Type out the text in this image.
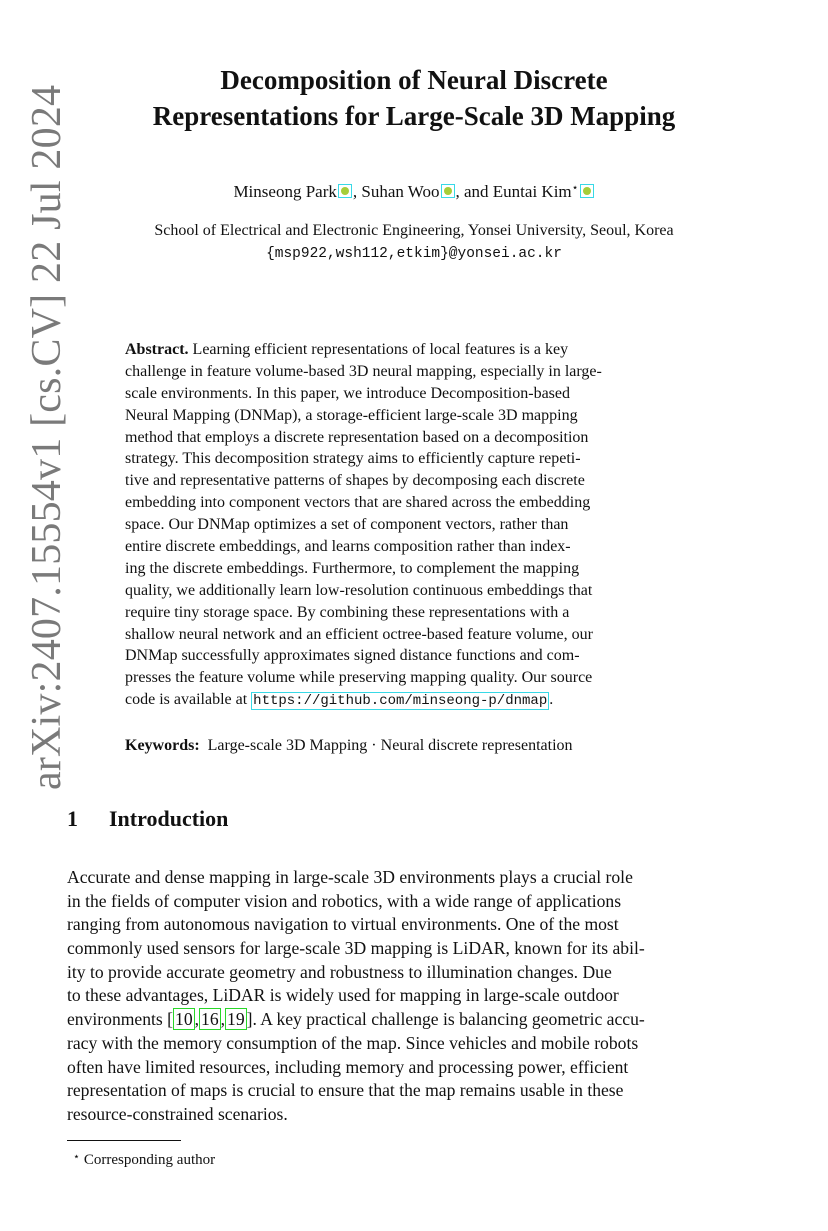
arXiv:2407.15554v1 [cs.CV] 22 Jul 2024
Decomposition of Neural Discrete
Representations for Large-Scale 3D Mapping
Minseong Park , Suhan Woo , and Euntai Kim⋆
School of Electrical and Electronic Engineering, Yonsei University, Seoul, Korea
{msp922,wsh112,etkim}@yonsei.ac.kr
Abstract. Learning efficient representations of local features is a key
challenge in feature volume-based 3D neural mapping, especially in large-
scale environments. In this paper, we introduce Decomposition-based
Neural Mapping (DNMap), a storage-efficient large-scale 3D mapping
method that employs a discrete representation based on a decomposition
strategy. This decomposition strategy aims to efficiently capture repeti-
tive and representative patterns of shapes by decomposing each discrete
embedding into component vectors that are shared across the embedding
space. Our DNMap optimizes a set of component vectors, rather than
entire discrete embeddings, and learns composition rather than index-
ing the discrete embeddings. Furthermore, to complement the mapping
quality, we additionally learn low-resolution continuous embeddings that
require tiny storage space. By combining these representations with a
shallow neural network and an efficient octree-based feature volume, our
DNMap successfully approximates signed distance functions and com-
presses the feature volume while preserving mapping quality. Our source
code is available at https://github.com/minseong-p/dnmap .
Keywords: Large-scale 3D Mapping · Neural discrete representation
1 Introduction
Accurate and dense mapping in large-scale 3D environments plays a crucial role
in the fields of computer vision and robotics, with a wide range of applications
ranging from autonomous navigation to virtual environments. One of the most
commonly used sensors for large-scale 3D mapping is LiDAR, known for its abil-
ity to provide accurate geometry and robustness to illumination changes. Due
to these advantages, LiDAR is widely used for mapping in large-scale outdoor
environments [ 10 , 16 , 19 ]. A key practical challenge is balancing geometric accu-
racy with the memory consumption of the map. Since vehicles and mobile robots
often have limited resources, including memory and processing power, efficient
representation of maps is crucial to ensure that the map remains usable in these
resource-constrained scenarios.
⋆ Corresponding author
